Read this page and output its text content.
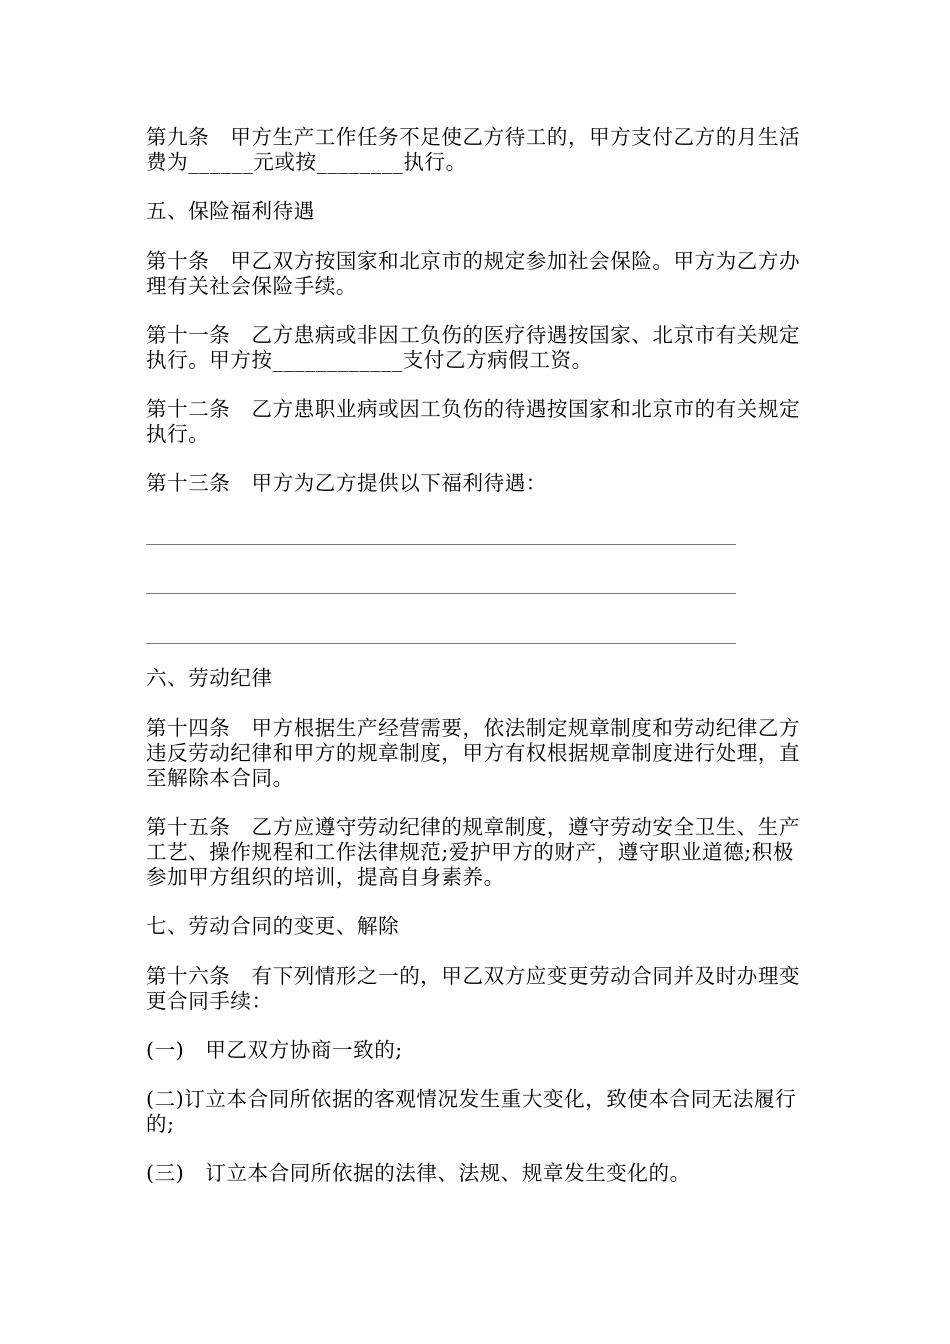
第九条　甲方生产工作任务不足使乙方待工的，甲方支付乙方的月生活费为______元或按________执行。

五、保险福利待遇

第十条　甲乙双方按国家和北京市的规定参加社会保险。甲方为乙方办理有关社会保险手续。

第十一条　乙方患病或非因工负伤的医疗待遇按国家、北京市有关规定执行。甲方按____________支付乙方病假工资。

第十二条　乙方患职业病或因工负伤的待遇按国家和北京市的有关规定执行。

第十三条　甲方为乙方提供以下福利待遇：

六、劳动纪律

第十四条　甲方根据生产经营需要，依法制定规章制度和劳动纪律乙方违反劳动纪律和甲方的规章制度，甲方有权根据规章制度进行处理，直至解除本合同。

第十五条　乙方应遵守劳动纪律的规章制度，遵守劳动安全卫生、生产工艺、操作规程和工作法律规范;爱护甲方的财产，遵守职业道德;积极参加甲方组织的培训，提高自身素养。

七、劳动合同的变更、解除

第十六条　有下列情形之一的，甲乙双方应变更劳动合同并及时办理变更合同手续：

(一)　甲乙双方协商一致的;

(二)订立本合同所依据的客观情况发生重大变化，致使本合同无法履行的;

(三)　订立本合同所依据的法律、法规、规章发生变化的。
